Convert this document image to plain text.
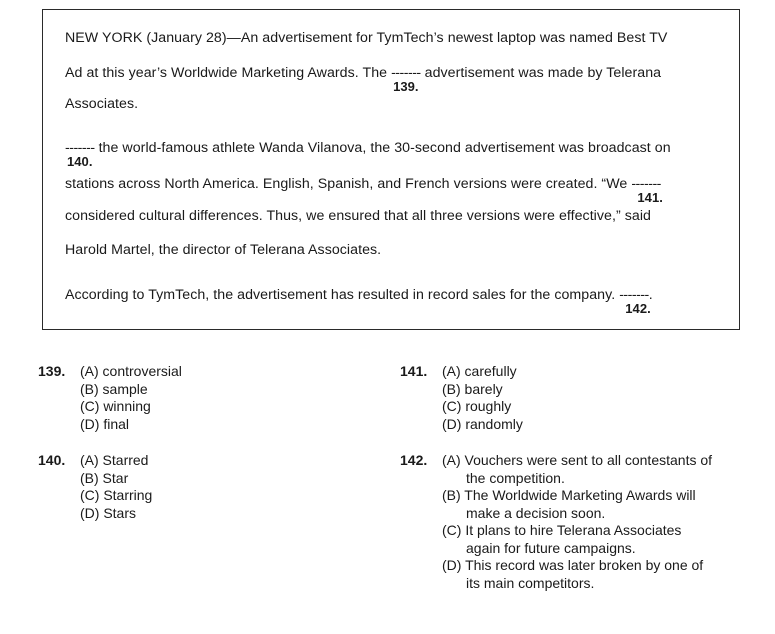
NEW YORK (January 28)—An advertisement for TymTech’s newest laptop was named Best TV
Ad at this year’s Worldwide Marketing Awards. The -------
139.
advertisement was made by Telerana
Associates.
-------
140.
the world-famous athlete Wanda Vilanova, the 30-second advertisement was broadcast on
stations across North America. English, Spanish, and French versions were created. “We -------
141.
considered cultural differences. Thus, we ensured that all three versions were effective,” said
Harold Martel, the director of Telerana Associates.
According to TymTech, the advertisement has resulted in record sales for the company. -------
142.
.
139. (A) controversial
(B) sample
(C) winning
(D) final
140. (A) Starred
(B) Star
(C) Starring
(D) Stars
141. (A) carefully
(B) barely
(C) roughly
(D) randomly
142. (A) Vouchers were sent to all contestants of
the competition.
(B) The Worldwide Marketing Awards will
make a decision soon.
(C) It plans to hire Telerana Associates
again for future campaigns.
(D) This record was later broken by one of
its main competitors.
